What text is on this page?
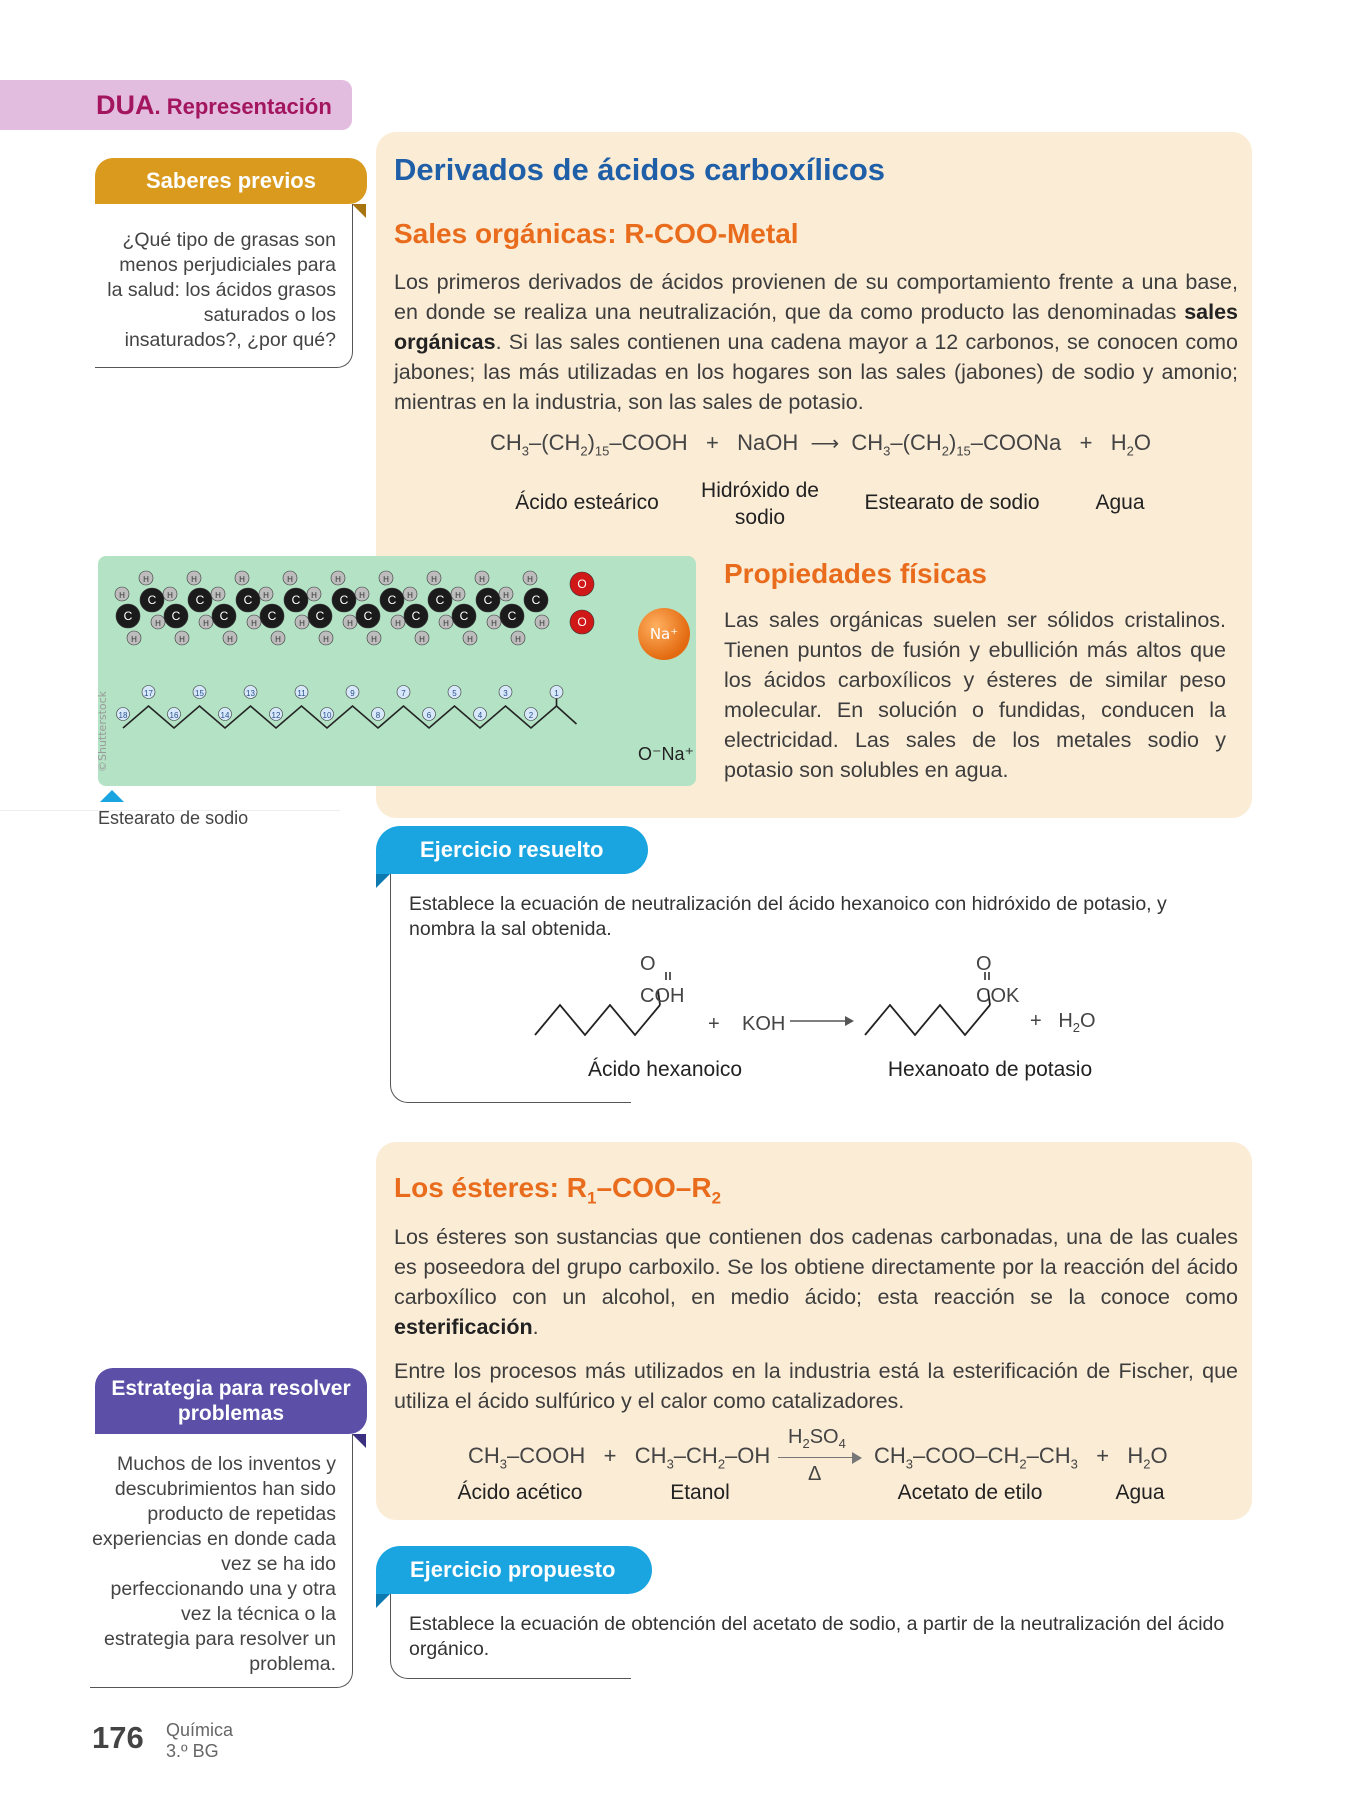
DUA. Representación
Saberes previos
¿Qué tipo de grasas son menos perjudiciales para la salud: los ácidos grasos saturados o los insaturados?, ¿por qué?
Derivados de ácidos carboxílicos
Sales orgánicas: R-COO-Metal
Los primeros derivados de ácidos provienen de su comportamiento frente a una base, en donde se realiza una neutralización, que da como producto las denominadas sales orgánicas. Si las sales contienen una cadena mayor a 12 carbonos, se conocen como jabones; las más utilizadas en los hogares son las sales (jabones) de sodio y amonio; mientras en la industria, son las sales de potasio.
$CH_3-(CH_2)_{15}$–COOH   +   NaOH  ⟶  $CH_3-(CH_2)_{15}$–COONa   +   $H_2O$
Ácido esteárico
Hidróxido de sodio
Estearato de sodio	Agua
H
H
H
H
H
H
H
H
H
H
H
H
H
H
H
H
H
H
H
H
H
H
H
H
H
H
H
H
H
H
H
H
H
H
H
H
C
C
C
C
C
C
C
C
C
C
C
C
C
C
C
C
C
C
O
O
18
17
16
15
14
13
12
11
10
9
8
7
6
5
4
3
2
1
Na⁺
O⁻Na⁺
©Shutterstock
Estearato de sodio
Propiedades físicas
Las sales orgánicas suelen ser sólidos cristalinos. Tienen puntos de fusión y ebullición más altos que los ácidos carboxílicos y ésteres de similar peso molecular. En solución o fundidas, conducen la electricidad. Las sales de los metales sodio y potasio son solubles en agua.
Ejercicio resuelto
Establece la ecuación de neutralización del ácido hexanoico con hidróxido de potasio, y nombra la sal obtenida.
O
COH
+ KOH
O
COK
+   $H_2O$
Ácido hexanoico	Hexanoato de potasio
Los ésteres: $R_1-COO-R_2$
Los ésteres son sustancias que contienen dos cadenas carbonadas, una de las cuales es poseedora del grupo carboxilo. Se los obtiene directamente por la reacción del ácido carboxílico con un alcohol, en medio ácido; esta reacción se la conoce como esterificación.
Entre los procesos más utilizados en la industria está la esterificación de Fischer, que utiliza el ácido sulfúrico y el calor como catalizadores.
$CH_3$–COOH   +   $CH_3-CH_2-OH$
$H_2SO_4$
Δ
$CH_3-COO-CH_2-CH_3 + H_2O$
Ácido acético	Etanol	Acetato de etilo	Agua
Estrategia para resolver problemas
Muchos de los inventos y descubrimientos han sido producto de repetidas experiencias en donde cada vez se ha ido perfeccionando una y otra vez la técnica o la estrategia para resolver un problema.
Ejercicio propuesto
Establece la ecuación de obtención del acetato de sodio, a partir de la neutralización del ácido orgánico.
176 Química
3.º BG
